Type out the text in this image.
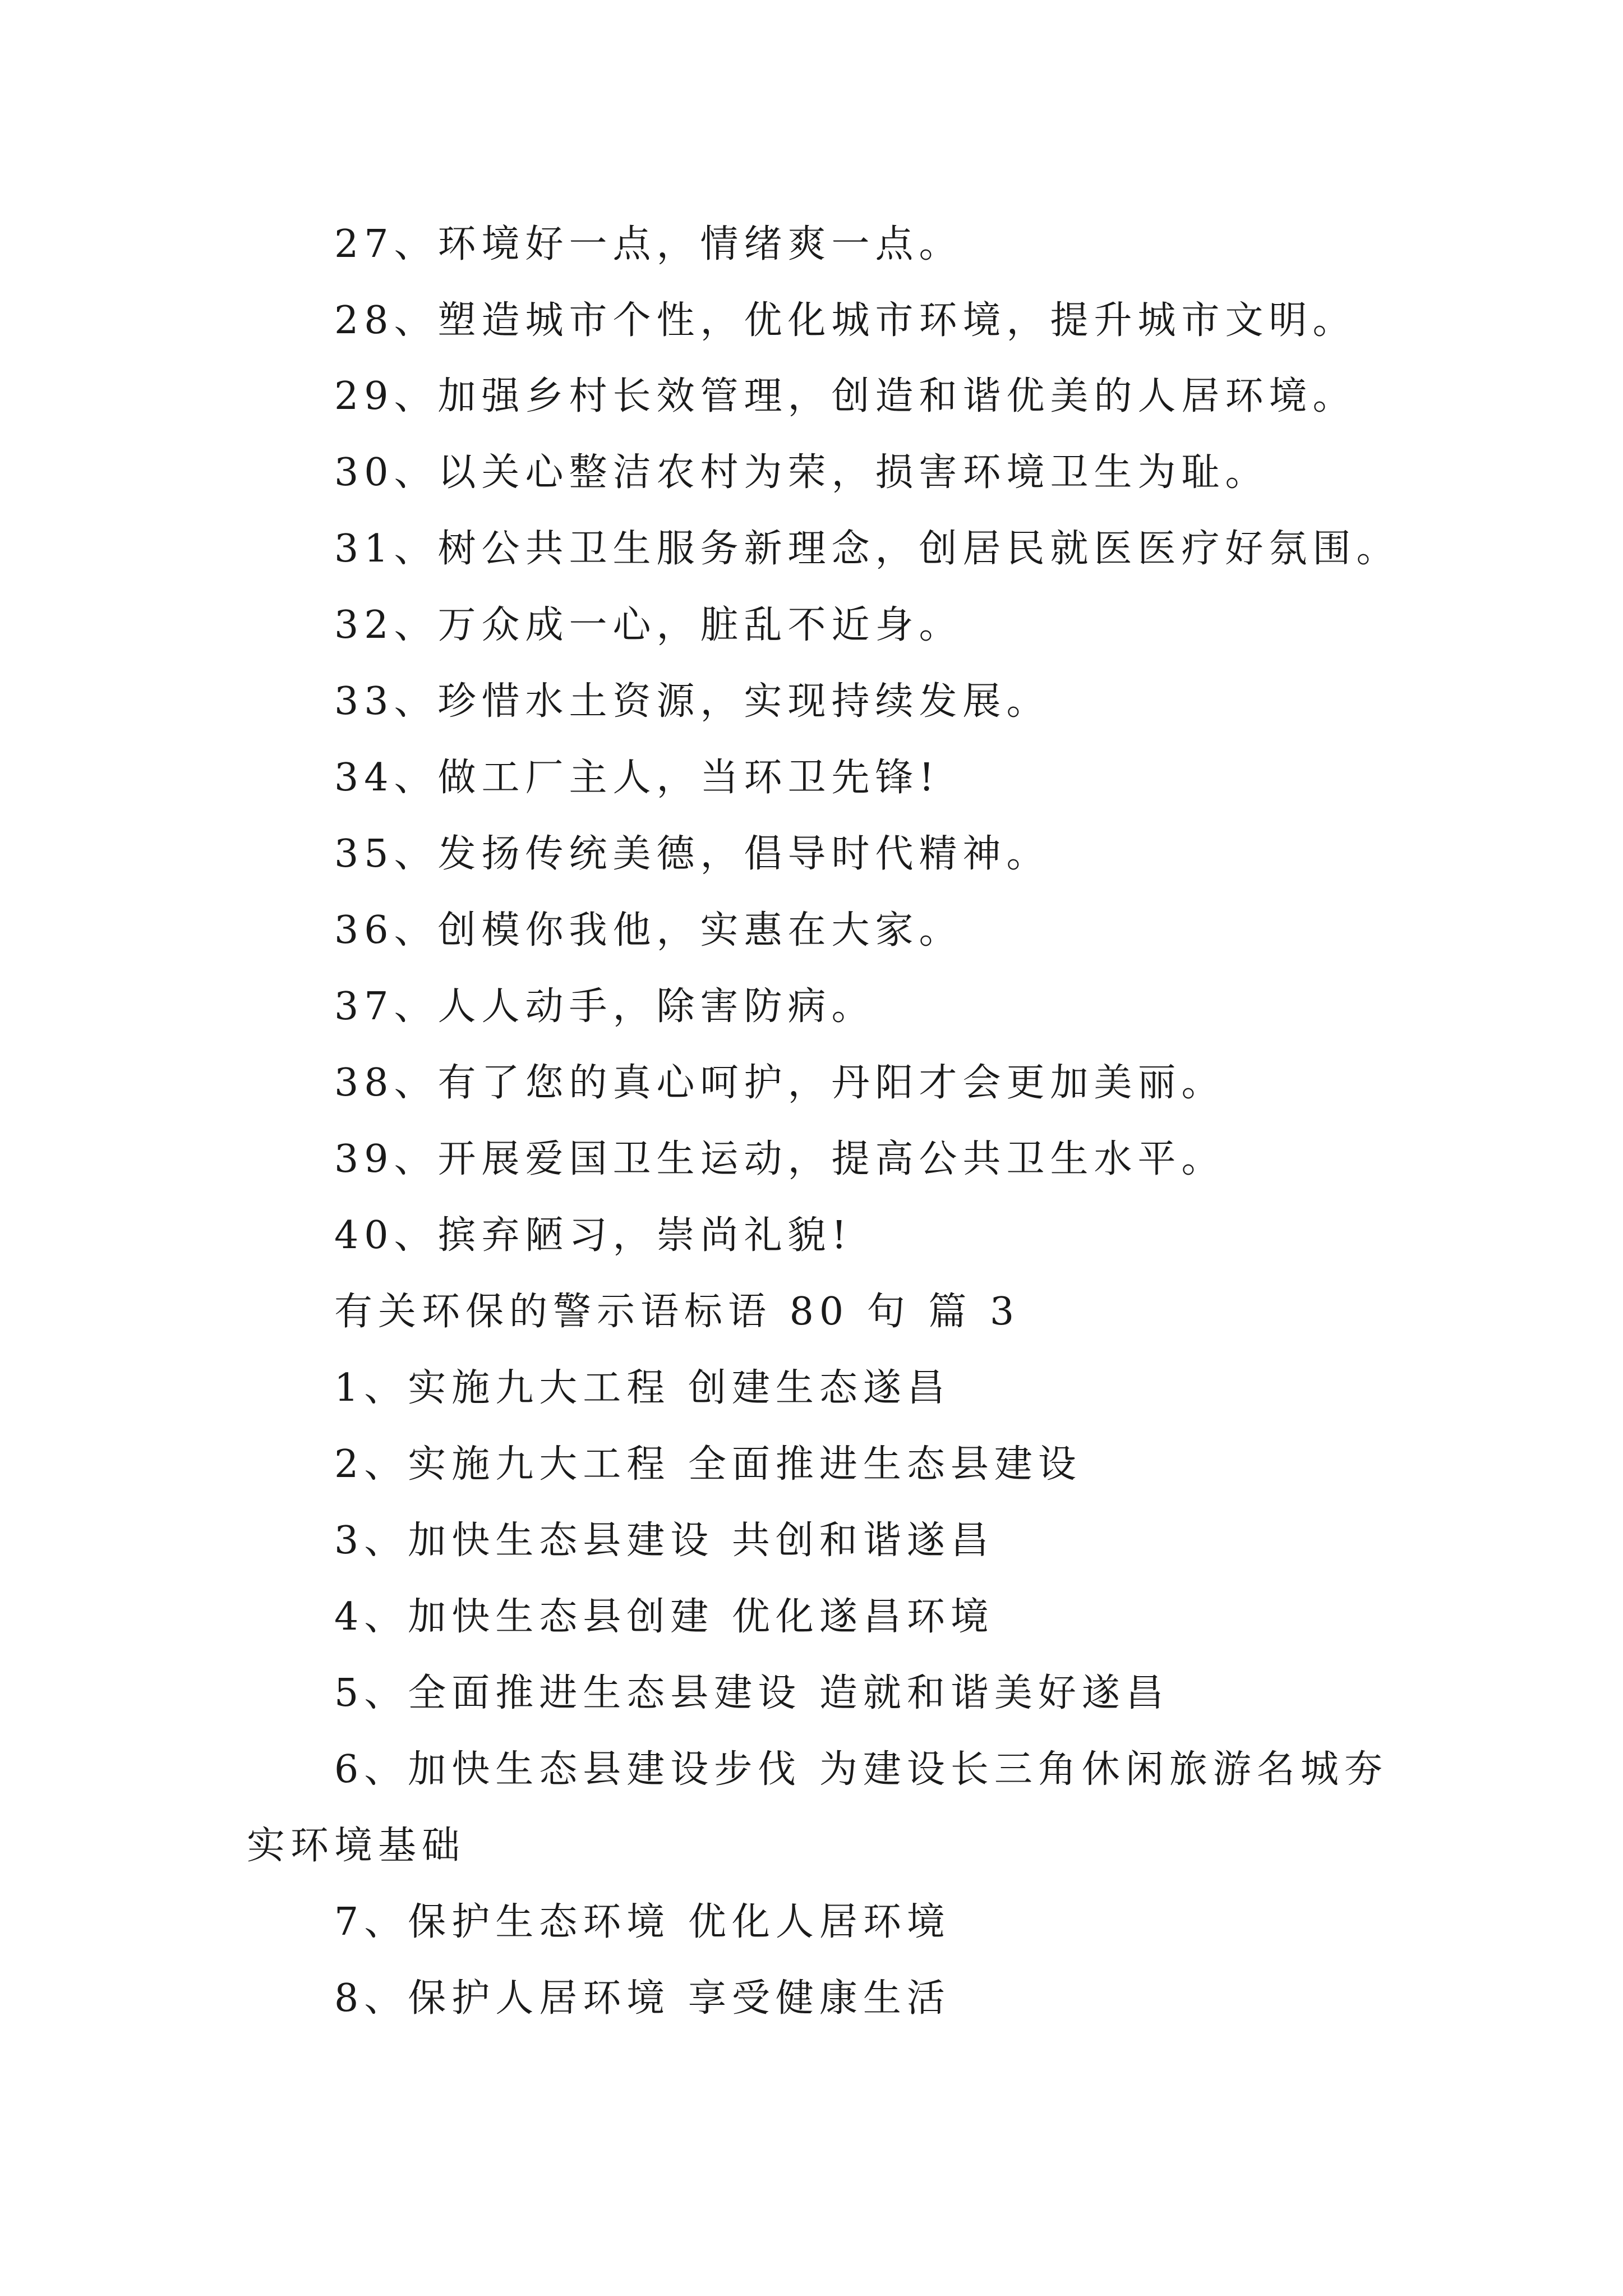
27、环境好一点，情绪爽一点。
28、塑造城市个性，优化城市环境，提升城市文明。
29、加强乡村长效管理，创造和谐优美的人居环境。
30、以关心整洁农村为荣，损害环境卫生为耻。
31、树公共卫生服务新理念，创居民就医医疗好氛围。
32、万众成一心，脏乱不近身。
33、珍惜水土资源，实现持续发展。
34、做工厂主人，当环卫先锋!
35、发扬传统美德，倡导时代精神。
36、创模你我他，实惠在大家。
37、人人动手，除害防病。
38、有了您的真心呵护，丹阳才会更加美丽。
39、开展爱国卫生运动，提高公共卫生水平。
40、摈弃陋习，崇尚礼貌!
有关环保的警示语标语 80 句 篇 3
1、实施九大工程 创建生态遂昌
2、实施九大工程 全面推进生态县建设
3、加快生态县建设 共创和谐遂昌
4、加快生态县创建 优化遂昌环境
5、全面推进生态县建设 造就和谐美好遂昌
6、加快生态县建设步伐 为建设长三角休闲旅游名城夯
实环境基础
7、保护生态环境 优化人居环境
8、保护人居环境 享受健康生活
